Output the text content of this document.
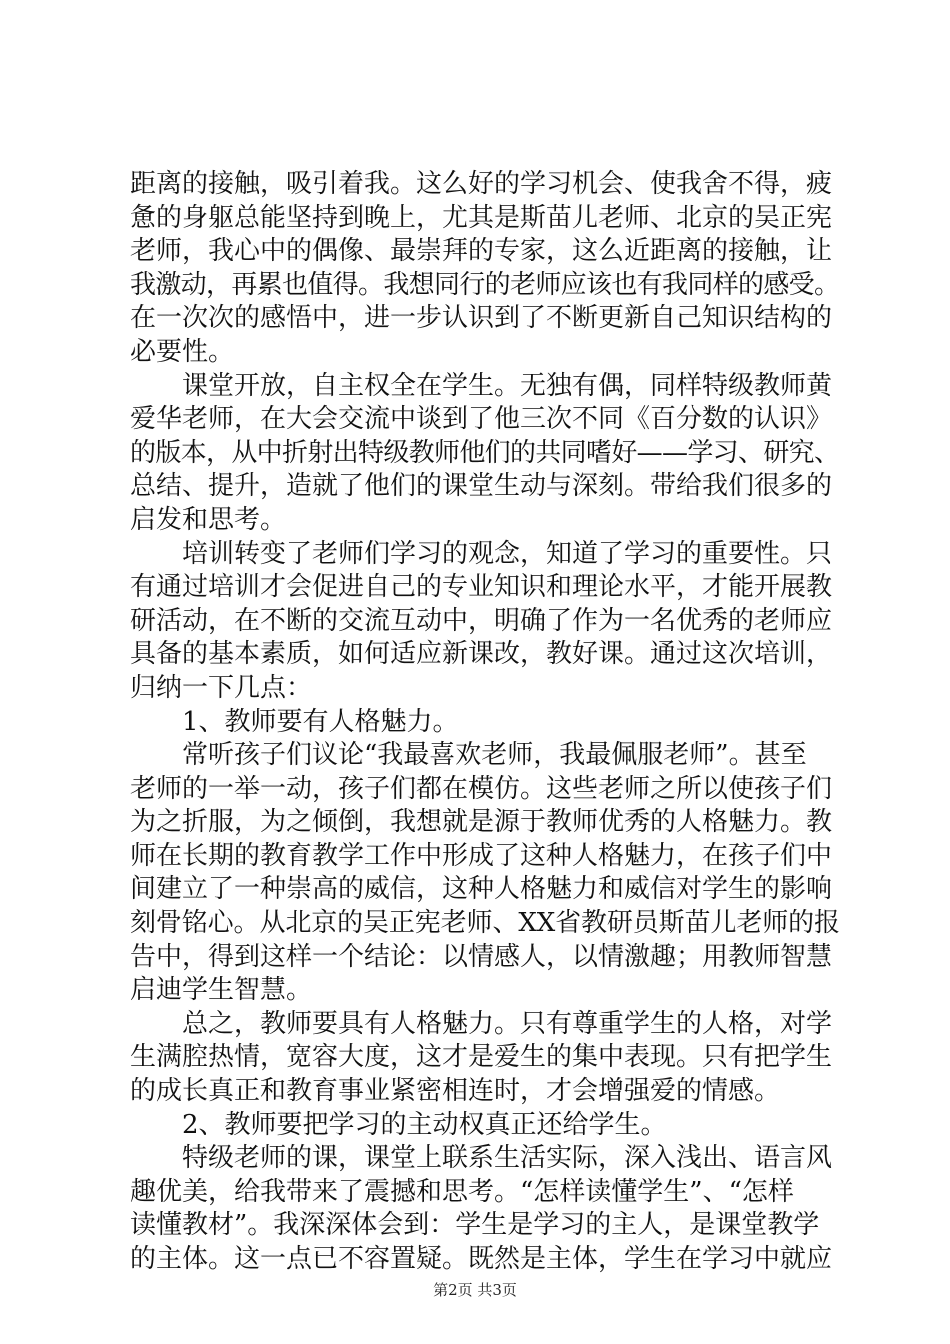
距离的接触，吸引着我。这么好的学习机会、使我舍不得，疲
惫的身躯总能坚持到晚上，尤其是斯苗儿老师、北京的吴正宪
老师，我心中的偶像、最崇拜的专家，这么近距离的接触，让
我激动，再累也值得。我想同行的老师应该也有我同样的感受。
在一次次的感悟中，进一步认识到了不断更新自己知识结构的
必要性。
课堂开放，自主权全在学生。无独有偶，同样特级教师黄
爱华老师，在大会交流中谈到了他三次不同《百分数的认识》
的版本，从中折射出特级教师他们的共同嗜好——学习、研究、
总结、提升，造就了他们的课堂生动与深刻。带给我们很多的
启发和思考。
培训转变了老师们学习的观念，知道了学习的重要性。只
有通过培训才会促进自己的专业知识和理论水平，才能开展教
研活动，在不断的交流互动中，明确了作为一名优秀的老师应
具备的基本素质，如何适应新课改，教好课。通过这次培训，
归纳一下几点：
1、教师要有人格魅力。
常听孩子们议论“我最喜欢老师，我最佩服老师”。甚至
老师的一举一动，孩子们都在模仿。这些老师之所以使孩子们
为之折服，为之倾倒，我想就是源于教师优秀的人格魅力。教
师在长期的教育教学工作中形成了这种人格魅力，在孩子们中
间建立了一种崇高的威信，这种人格魅力和威信对学生的影响
刻骨铭心。从北京的吴正宪老师、XX省教研员斯苗儿老师的报
告中，得到这样一个结论：以情感人，以情激趣；用教师智慧
启迪学生智慧。
总之，教师要具有人格魅力。只有尊重学生的人格，对学
生满腔热情，宽容大度，这才是爱生的集中表现。只有把学生
的成长真正和教育事业紧密相连时，才会增强爱的情感。
2、教师要把学习的主动权真正还给学生。
特级老师的课，课堂上联系生活实际，深入浅出、语言风
趣优美，给我带来了震撼和思考。“怎样读懂学生”、“怎样
读懂教材”。我深深体会到：学生是学习的主人，是课堂教学
的主体。这一点已不容置疑。既然是主体，学生在学习中就应
第2页 共3页
